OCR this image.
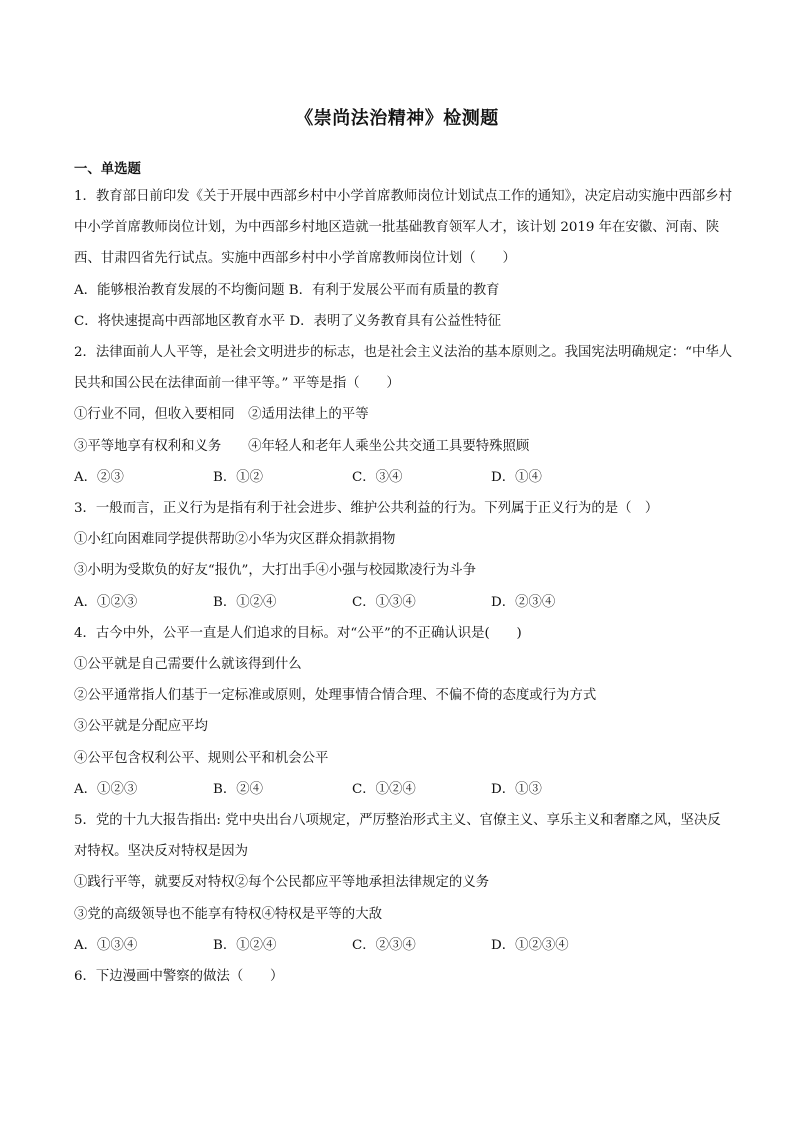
《崇尚法治精神》检测题
一、单选题

1．教育部日前印发《关于开展中西部乡村中小学首席教师岗位计划试点工作的通知》，决定启动实施中西部乡村中小学首席教师岗位计划，为中西部乡村地区造就一批基础教育领军人才，该计划 2019 年在安徽、河南、陕西、甘肃四省先行试点。实施中西部乡村中小学首席教师岗位计划（　　）

A．能够根治教育发展的不均衡问题 B．有利于发展公平而有质量的教育

C．将快速提高中西部地区教育水平 D．表明了义务教育具有公益性特征

2．法律面前人人平等，是社会文明进步的标志，也是社会主义法治的基本原则之。我国宪法明确规定：“中华人民共和国公民在法律面前一律平等。” 平等是指（　　）

①行业不同，但收入要相同　②适用法律上的平等

③平等地享有权利和义务　　④年轻人和老年人乘坐公共交通工具要特殊照顾

A．②③	B．①②	C．③④	D．①④

3．一般而言，正义行为是指有利于社会进步、维护公共利益的行为。下列属于正义行为的是（　）

①小红向困难同学提供帮助②小华为灾区群众捐款捐物

③小明为受欺负的好友“报仇”，大打出手④小强与校园欺凌行为斗争

A．①②③	B．①②④	C．①③④	D．②③④

4．古今中外，公平一直是人们追求的目标。对“公平”的不正确认识是(　　)

①公平就是自己需要什么就该得到什么

②公平通常指人们基于一定标准或原则，处理事情合情合理、不偏不倚的态度或行为方式

③公平就是分配应平均

④公平包含权利公平、规则公平和机会公平

A．①②③	B．②④	C．①②④	D．①③

5．党的十九大报告指出: 党中央出台八项规定，严厉整治形式主义、官僚主义、享乐主义和奢靡之风，坚决反对特权。坚决反对特权是因为

①践行平等，就要反对特权②每个公民都应平等地承担法律规定的义务

③党的高级领导也不能享有特权④特权是平等的大敌

A．①③④	B．①②④	C．②③④	D．①②③④

6．下边漫画中警察的做法（　　）
